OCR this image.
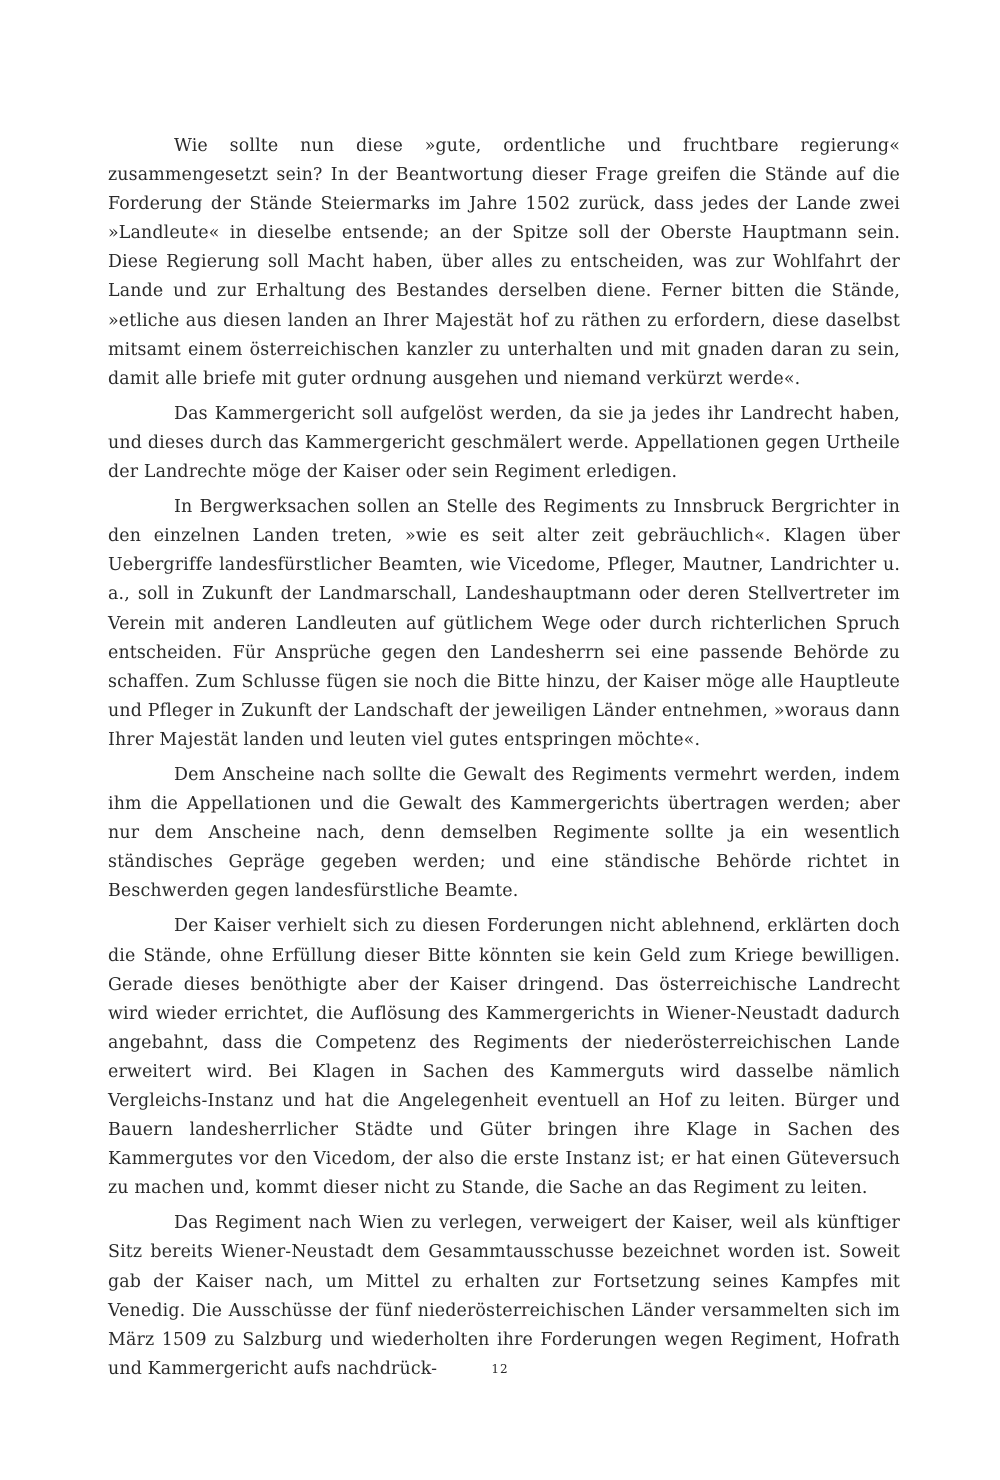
Wie sollte nun diese »gute, ordentliche und fruchtbare regierung« zusammengesetzt sein? In der Beantwortung dieser Frage greifen die Stände auf die Forderung der Stände Steiermarks im Jahre 1502 zurück, dass jedes der Lande zwei »Landleute« in dieselbe entsende; an der Spitze soll der Oberste Hauptmann sein. Diese Regierung soll Macht haben, über alles zu entscheiden, was zur Wohlfahrt der Lande und zur Erhaltung des Bestandes derselben diene. Ferner bitten die Stände, »etliche aus diesen landen an Ihrer Majestät hof zu räthen zu erfordern, diese daselbst mitsamt einem österreichischen kanzler zu unterhalten und mit gnaden daran zu sein, damit alle briefe mit guter ordnung ausgehen und niemand verkürzt werde«.

Das Kammergericht soll aufgelöst werden, da sie ja jedes ihr Landrecht haben, und dieses durch das Kammergericht geschmälert werde. Appellationen gegen Urtheile der Landrechte möge der Kaiser oder sein Regiment erledigen.

In Bergwerksachen sollen an Stelle des Regiments zu Innsbruck Bergrichter in den einzelnen Landen treten, »wie es seit alter zeit gebräuchlich«. Klagen über Uebergriffe landesfürstlicher Beamten, wie Vicedome, Pfleger, Mautner, Landrichter u. a., soll in Zukunft der Landmarschall, Landeshauptmann oder deren Stellvertreter im Verein mit anderen Landleuten auf gütlichem Wege oder durch richterlichen Spruch entscheiden. Für Ansprüche gegen den Landesherrn sei eine passende Behörde zu schaffen. Zum Schlusse fügen sie noch die Bitte hinzu, der Kaiser möge alle Hauptleute und Pfleger in Zukunft der Landschaft der jeweiligen Länder entnehmen, »woraus dann Ihrer Majestät landen und leuten viel gutes entspringen möchte«.

Dem Anscheine nach sollte die Gewalt des Regiments vermehrt werden, indem ihm die Appellationen und die Gewalt des Kammergerichts übertragen werden; aber nur dem Anscheine nach, denn demselben Regimente sollte ja ein wesentlich ständisches Gepräge gegeben werden; und eine ständische Behörde richtet in Beschwerden gegen landesfürstliche Beamte.

Der Kaiser verhielt sich zu diesen Forderungen nicht ablehnend, erklärten doch die Stände, ohne Erfüllung dieser Bitte könnten sie kein Geld zum Kriege bewilligen. Gerade dieses benöthigte aber der Kaiser dringend. Das österreichische Landrecht wird wieder errichtet, die Auflösung des Kammergerichts in Wiener-Neustadt dadurch angebahnt, dass die Competenz des Regiments der niederösterreichischen Lande erweitert wird. Bei Klagen in Sachen des Kammerguts wird dasselbe nämlich Vergleichs-Instanz und hat die Angelegenheit eventuell an Hof zu leiten. Bürger und Bauern landesherrlicher Städte und Güter bringen ihre Klage in Sachen des Kammergutes vor den Vicedom, der also die erste Instanz ist; er hat einen Güteversuch zu machen und, kommt dieser nicht zu Stande, die Sache an das Regiment zu leiten.

Das Regiment nach Wien zu verlegen, verweigert der Kaiser, weil als künftiger Sitz bereits Wiener-Neustadt dem Gesammtausschusse bezeichnet worden ist. Soweit gab der Kaiser nach, um Mittel zu erhalten zur Fortsetzung seines Kampfes mit Venedig. Die Ausschüsse der fünf niederösterreichischen Länder versammelten sich im März 1509 zu Salzburg und wiederholten ihre Forderungen wegen Regiment, Hofrath und Kammergericht aufs nachdrück-	12
